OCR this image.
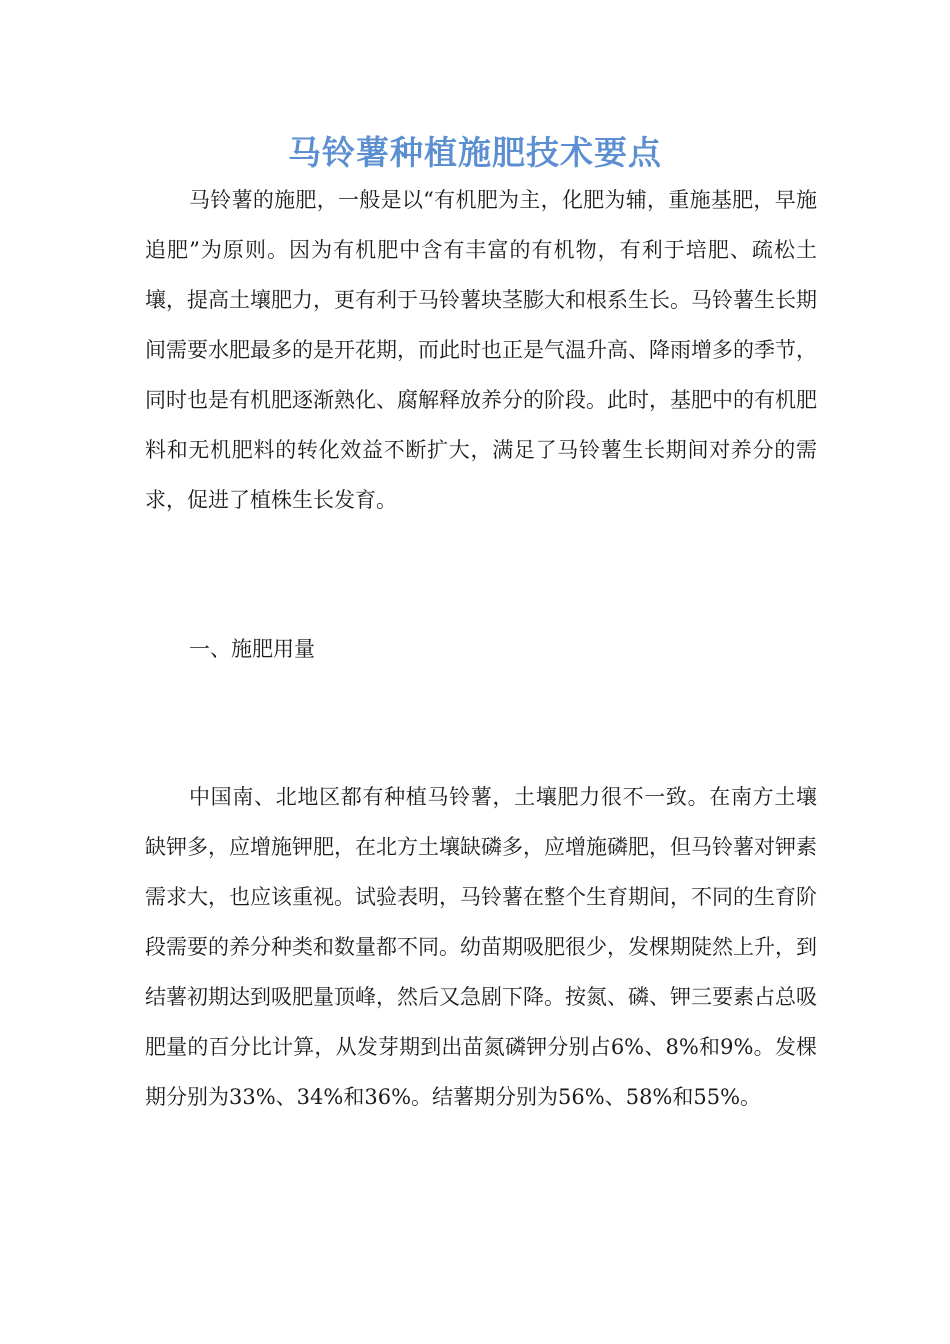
马铃薯种植施肥技术要点

马铃薯的施肥，一般是以“有机肥为主，化肥为辅，重施基肥，早施追肥”为原则。因为有机肥中含有丰富的有机物，有利于培肥、疏松土壤，提高土壤肥力，更有利于马铃薯块茎膨大和根系生长。马铃薯生长期间需要水肥最多的是开花期，而此时也正是气温升高、降雨增多的季节，同时也是有机肥逐渐熟化、腐解释放养分的阶段。此时，基肥中的有机肥料和无机肥料的转化效益不断扩大，满足了马铃薯生长期间对养分的需求，促进了植株生长发育。

一、施肥用量

中国南、北地区都有种植马铃薯，土壤肥力很不一致。在南方土壤缺钾多，应增施钾肥，在北方土壤缺磷多，应增施磷肥，但马铃薯对钾素需求大，也应该重视。试验表明，马铃薯在整个生育期间，不同的生育阶段需要的养分种类和数量都不同。幼苗期吸肥很少，发棵期陡然上升，到结薯初期达到吸肥量顶峰，然后又急剧下降。按氮、磷、钾三要素占总吸肥量的百分比计算，从发芽期到出苗氮磷钾分别占6%、8%和9%。发棵期分别为33%、34%和36%。结薯期分别为56%、58%和55%。
